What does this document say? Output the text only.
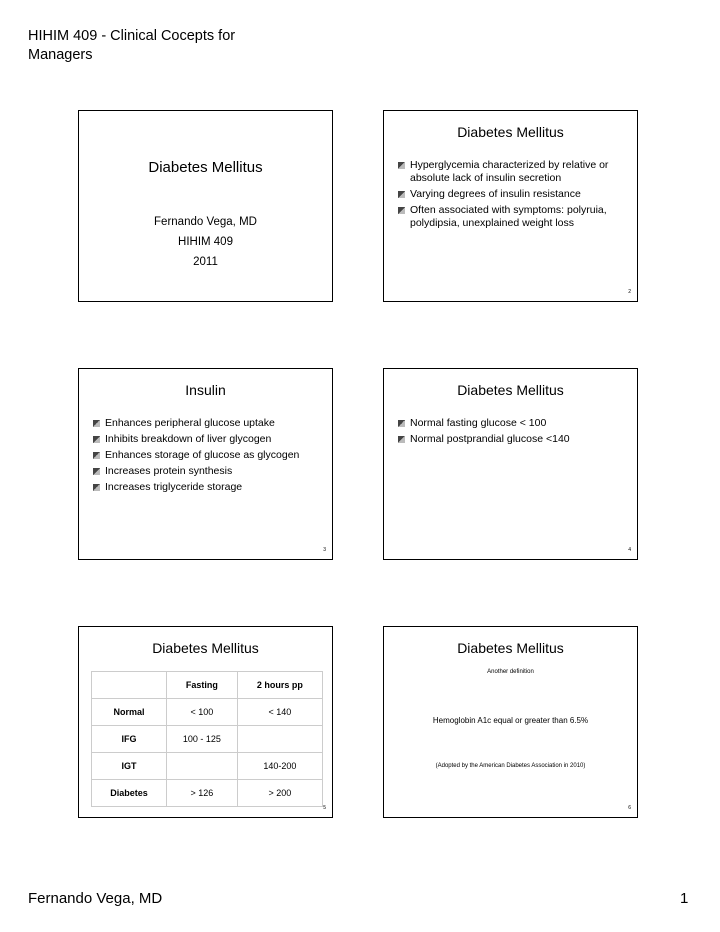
HIHIM 409 - Clinical Cocepts for Managers
Diabetes Mellitus
Fernando Vega, MD
HIHIM 409
2011
Diabetes Mellitus
Hyperglycemia characterized by relative or absolute lack of insulin secretion
Varying degrees of insulin resistance
Often associated with symptoms: polyruia, polydipsia, unexplained weight loss
2
Insulin
Enhances peripheral glucose uptake
Inhibits breakdown of liver glycogen
Enhances storage of glucose as glycogen
Increases protein synthesis
Increases triglyceride storage
3
Diabetes Mellitus
Normal fasting glucose < 100
Normal postprandial glucose <140
4
Diabetes Mellitus
	Fasting	2 hours pp
Normal	< 100	< 140
IFG	100 - 125	
IGT		140-200
Diabetes	> 126	> 200
5
Diabetes Mellitus
Another definition
Hemoglobin A1c equal or greater than 6.5%
(Adopted by the American Diabetes Association in 2010)
6
Fernando Vega, MD	1
